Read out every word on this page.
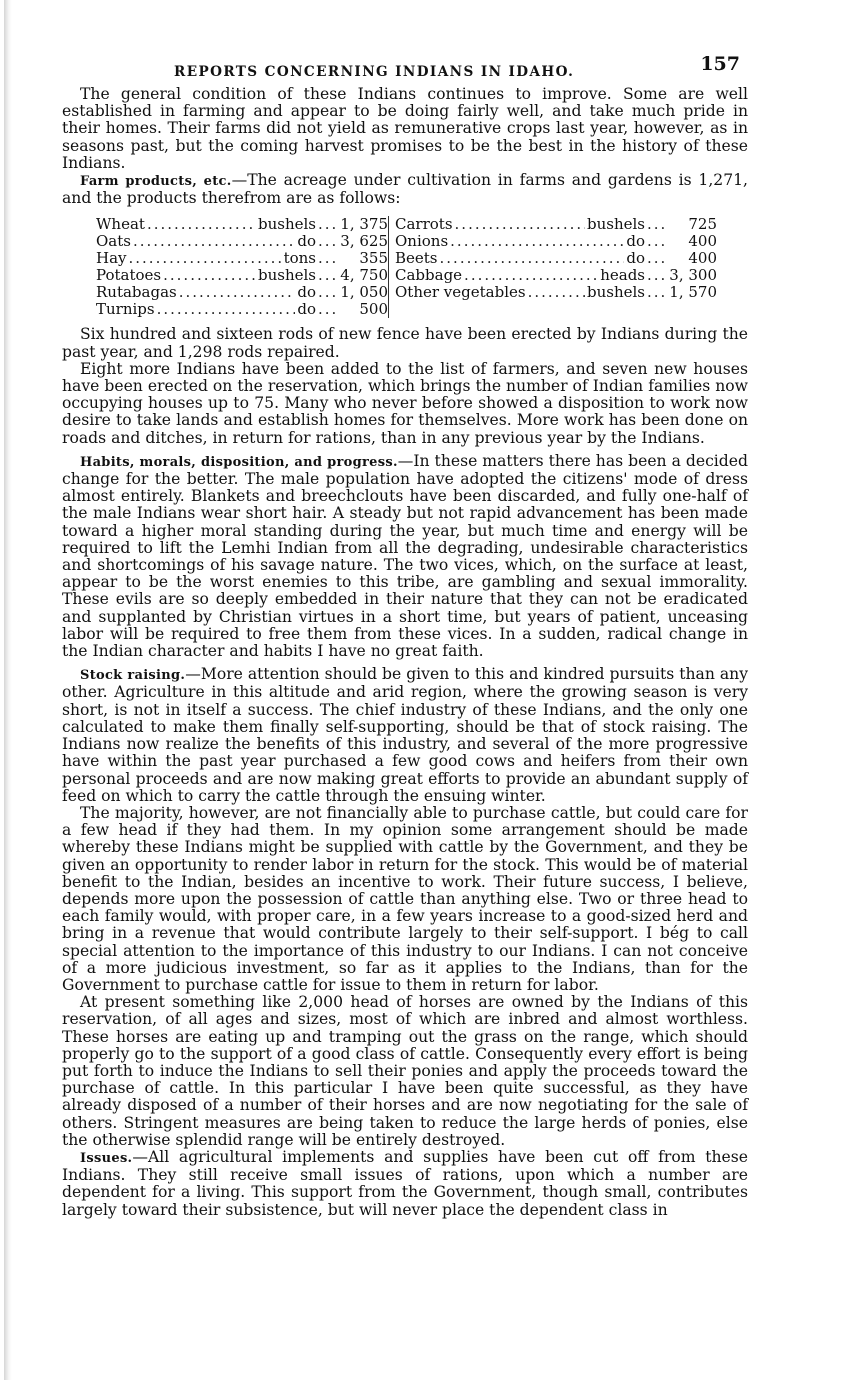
REPORTS CONCERNING INDIANS IN IDAHO.	157

The general condition of these Indians continues to improve. Some are well established in farming and appear to be doing fairly well, and take much pride in their homes. Their farms did not yield as remunerative crops last year, however, as in seasons past, but the coming harvest promises to be the best in the history of these Indians.

Farm products, etc.—The acreage under cultivation in farms and gardens is 1,271, and the products therefrom are as follows:

Wheat .....	bushels ..... 1, 375
Oats .....	do ..... 3, 625
Hay .....	tons .....	355
Potatoes .....	bushels ..... 4, 750
Rutabagas .....	do ..... 1, 050
Turnips .....	do .....	500
Carrots .....	bushels .....	725
Onions .....	do .....	400
Beets .....	do .....	400
Cabbage .....	heads ..... 3, 300
Other vegetables .....	bushels ..... 1, 570

Six hundred and sixteen rods of new fence have been erected by Indians during the past year, and 1,298 rods repaired.

Eight more Indians have been added to the list of farmers, and seven new houses have been erected on the reservation, which brings the number of Indian families now occupying houses up to 75. Many who never before showed a disposition to work now desire to take lands and establish homes for themselves. More work has been done on roads and ditches, in return for rations, than in any previous year by the Indians.

Habits, morals, disposition, and progress.—In these matters there has been a decided change for the better. The male population have adopted the citizens' mode of dress almost entirely. Blankets and breechclouts have been discarded, and fully one-half of the male Indians wear short hair. A steady but not rapid advancement has been made toward a higher moral standing during the year, but much time and energy will be required to lift the Lemhi Indian from all the degrading, undesirable characteristics and shortcomings of his savage nature. The two vices, which, on the surface at least, appear to be the worst enemies to this tribe, are gambling and sexual immorality. These evils are so deeply embedded in their nature that they can not be eradicated and supplanted by Christian virtues in a short time, but years of patient, unceasing labor will be required to free them from these vices. In a sudden, radical change in the Indian character and habits I have no great faith.

Stock raising.—More attention should be given to this and kindred pursuits than any other. Agriculture in this altitude and arid region, where the growing season is very short, is not in itself a success. The chief industry of these Indians, and the only one calculated to make them finally self-supporting, should be that of stock raising. The Indians now realize the benefits of this industry, and several of the more progressive have within the past year purchased a few good cows and heifers from their own personal proceeds and are now making great efforts to provide an abundant supply of feed on which to carry the cattle through the ensuing winter.

The majority, however, are not financially able to purchase cattle, but could care for a few head if they had them. In my opinion some arrangement should be made whereby these Indians might be supplied with cattle by the Government, and they be given an opportunity to render labor in return for the stock. This would be of material benefit to the Indian, besides an incentive to work. Their future success, I believe, depends more upon the possession of cattle than anything else. Two or three head to each family would, with proper care, in a few years increase to a good-sized herd and bring in a revenue that would contribute largely to their self-support. I bég to call special attention to the importance of this industry to our Indians. I can not conceive of a more judicious investment, so far as it applies to the Indians, than for the Government to purchase cattle for issue to them in return for labor.

At present something like 2,000 head of horses are owned by the Indians of this reservation, of all ages and sizes, most of which are inbred and almost worthless. These horses are eating up and tramping out the grass on the range, which should properly go to the support of a good class of cattle. Consequently every effort is being put forth to induce the Indians to sell their ponies and apply the proceeds toward the purchase of cattle. In this particular I have been quite successful, as they have already disposed of a number of their horses and are now negotiating for the sale of others. Stringent measures are being taken to reduce the large herds of ponies, else the otherwise splendid range will be entirely destroyed.

Issues.—All agricultural implements and supplies have been cut off from these Indians. They still receive small issues of rations, upon which a number are dependent for a living. This support from the Government, though small, contributes largely toward their subsistence, but will never place the dependent class in
